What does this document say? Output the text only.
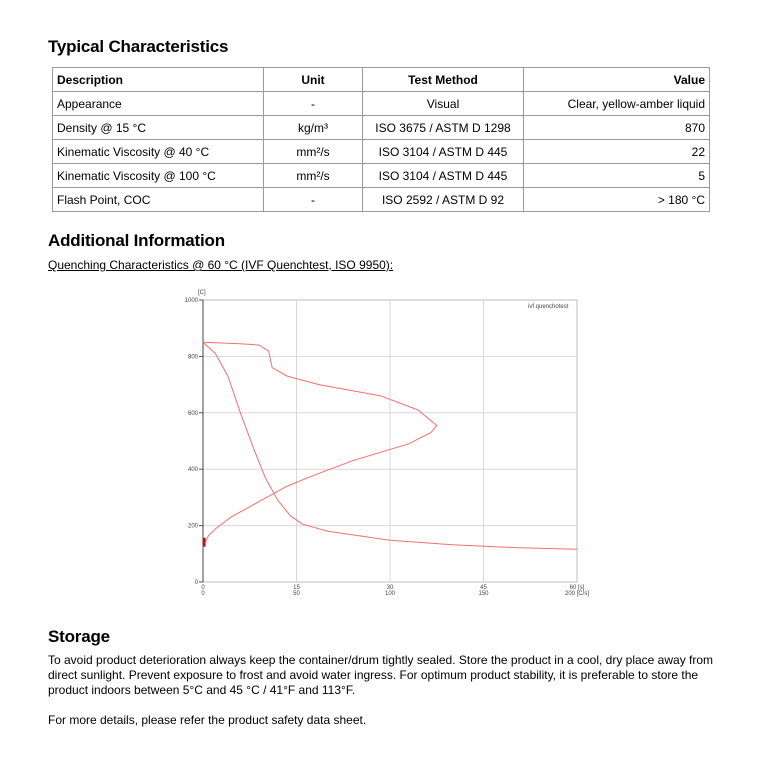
Typical Characteristics
Description	Unit	Test Method	Value
Appearance	-	Visual	Clear, yellow-amber liquid
Density @ 15 °C	kg/m³	ISO 3675 / ASTM D 1298	870
Kinematic Viscosity @ 40 °C	mm²/s	ISO 3104 / ASTM D 445	22
Kinematic Viscosity @ 100 °C	mm²/s	ISO 3104 / ASTM D 445	5
Flash Point, COC	-	ISO 2592 / ASTM D 92	> 180 °C
Additional Information
Quenching Characteristics @ 60 °C (IVF Quenchtest, ISO 9950):
1000
800
600
400
200
0
0
0
15
50
30
100
45
150
60 [s]
200 [C/s]
ivf quenchotest
[C]
Storage
To avoid product deterioration always keep the container/drum tightly sealed. Store the product in a cool, dry place away from direct sunlight. Prevent exposure to frost and avoid water ingress. For optimum product stability, it is preferable to store the product indoors between 5°C and 45 °C / 41°F and 113°F.
For more details, please refer the product safety data sheet.
